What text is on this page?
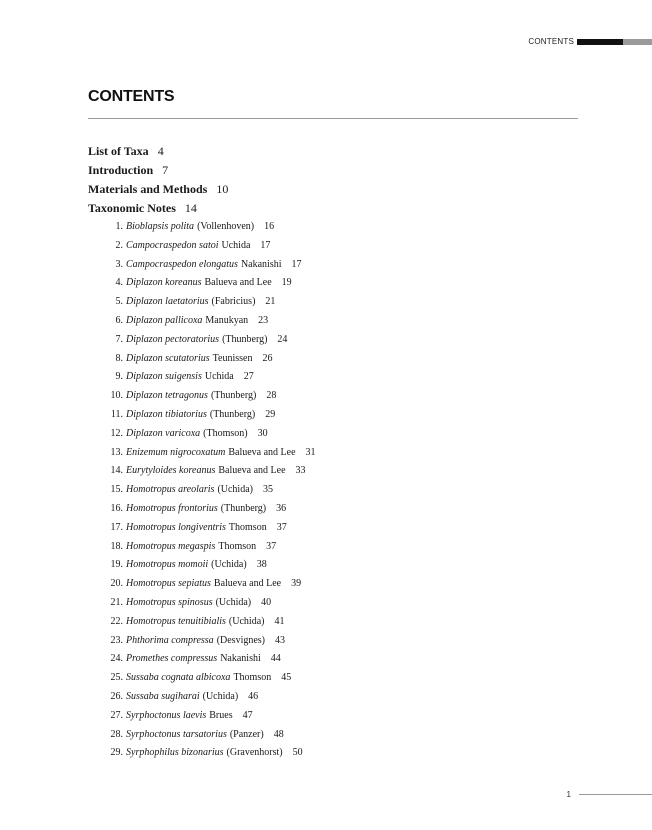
CONTENTS
CONTENTS
List of Taxa 4
Introduction 7
Materials and Methods 10
Taxonomic Notes 14
1. Bioblapsis polita (Vollenhoven) 16
2. Campocraspedon satoi Uchida 17
3. Campocraspedon elongatus Nakanishi 17
4. Diplazon koreanus Balueva and Lee 19
5. Diplazon laetatorius (Fabricius) 21
6. Diplazon pallicoxa Manukyan 23
7. Diplazon pectoratorius (Thunberg) 24
8. Diplazon scutatorius Teunissen 26
9. Diplazon suigensis Uchida 27
10. Diplazon tetragonus (Thunberg) 28
11. Diplazon tibiatorius (Thunberg) 29
12. Diplazon varicoxa (Thomson) 30
13. Enizemum nigrocoxatum Balueva and Lee 31
14. Eurytyloides koreanus Balueva and Lee 33
15. Homotropus areolaris (Uchida) 35
16. Homotropus frontorius (Thunberg) 36
17. Homotropus longiventris Thomson 37
18. Homotropus megaspis Thomson 37
19. Homotropus momoii (Uchida) 38
20. Homotropus sepiatus Balueva and Lee 39
21. Homotropus spinosus (Uchida) 40
22. Homotropus tenuitibialis (Uchida) 41
23. Phthorima compressa (Desvignes) 43
24. Promethes compressus Nakanishi 44
25. Sussaba cognata albicoxa Thomson 45
26. Sussaba sugiharai (Uchida) 46
27. Syrphoctonus laevis Brues 47
28. Syrphoctonus tarsatorius (Panzer) 48
29. Syrphophilus bizonarius (Gravenhorst) 50
1
